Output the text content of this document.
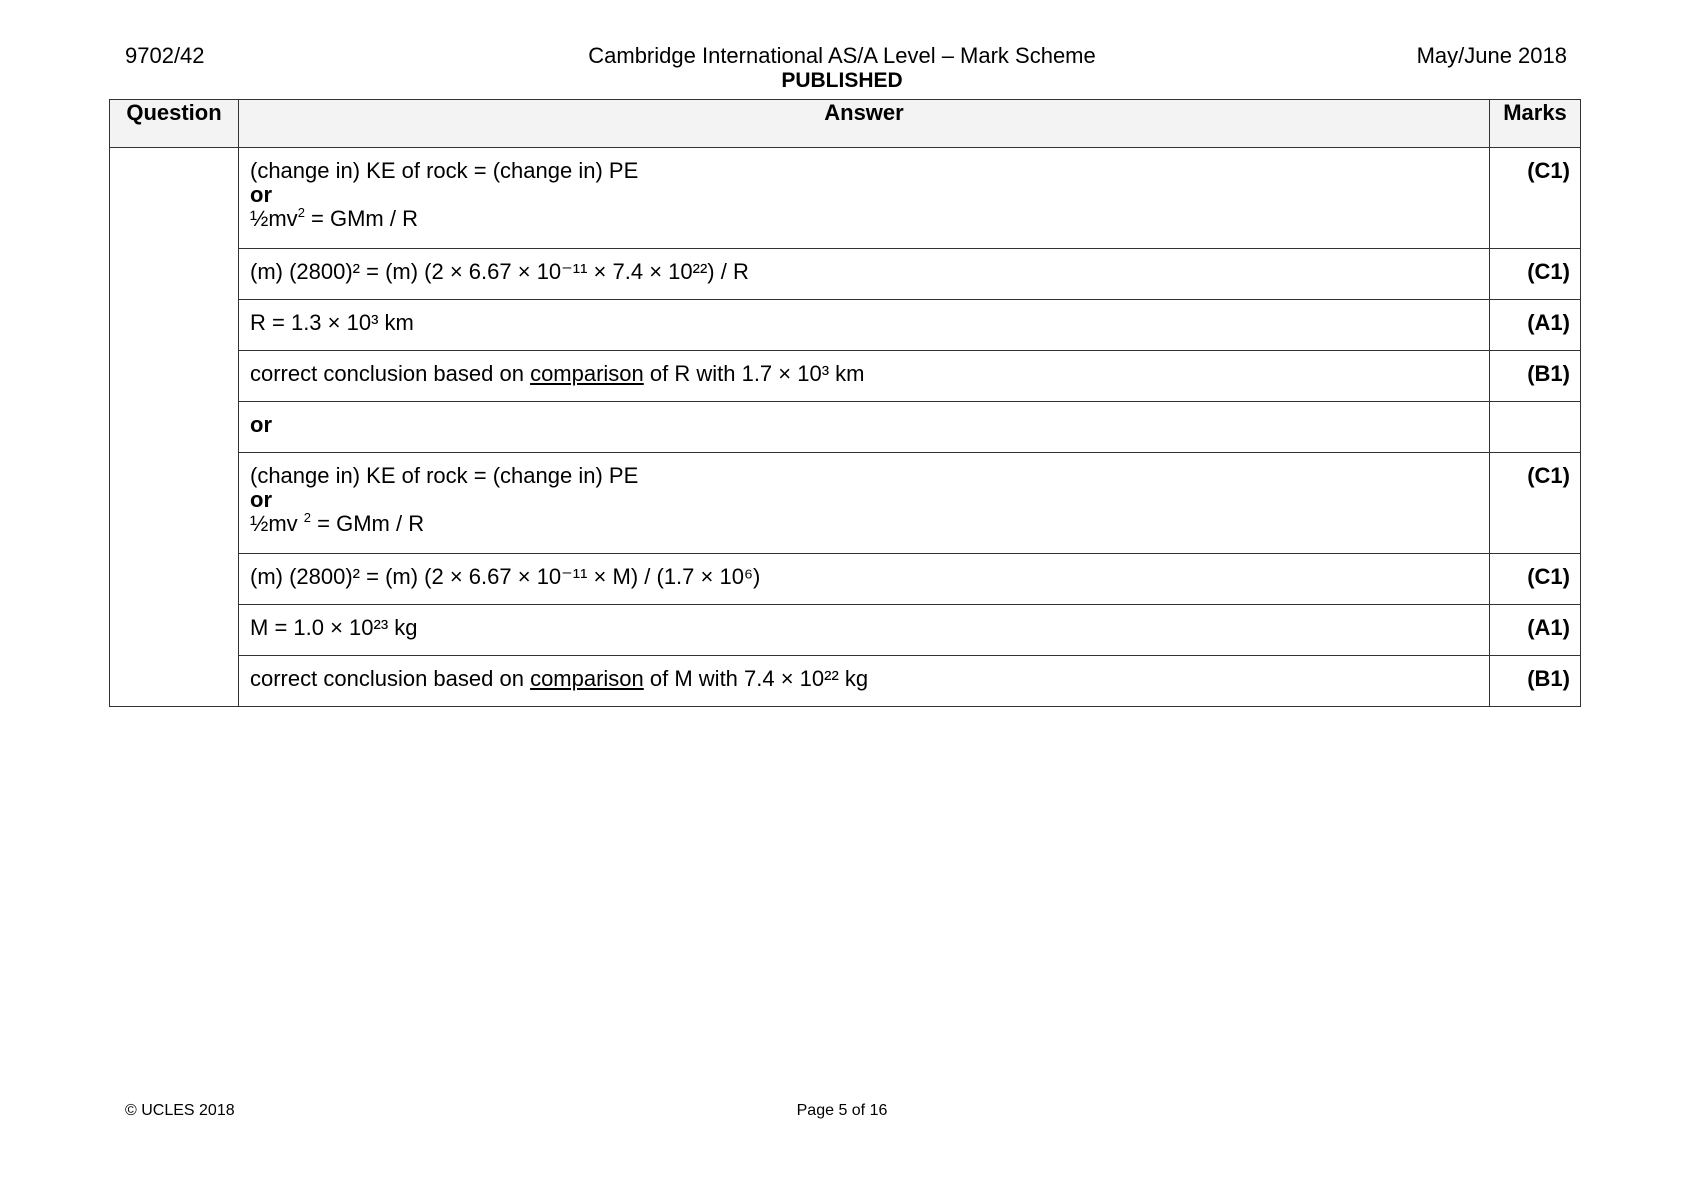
9702/42	Cambridge International AS/A Level – Mark Scheme
PUBLISHED
May/June 2018
Question	Answer	Marks

	(change in) KE of rock = (change in) PE
or
$\frac{1}{2}mv^2$ = GMm / R	(C1)
	(m) (2800)² = (m) (2 × 6.67 × 10⁻¹¹ × 7.4 × 10²²) / R	(C1)
	R = 1.3 × 10³ km	(A1)
	correct conclusion based on comparison of R with 1.7 × 10³ km	(B1)
	or	

	(change in) KE of rock = (change in) PE
or
½mv $^2$ = GMm / R	(C1)
	(m) (2800)² = (m) (2 × 6.67 × 10⁻¹¹ × M) / (1.7 × 10⁶)	(C1)
	M = 1.0 × 10²³ kg	(A1)
	correct conclusion based on comparison of M with 7.4 × 10²² kg	(B1)
© UCLES 2018	Page 5 of 16
